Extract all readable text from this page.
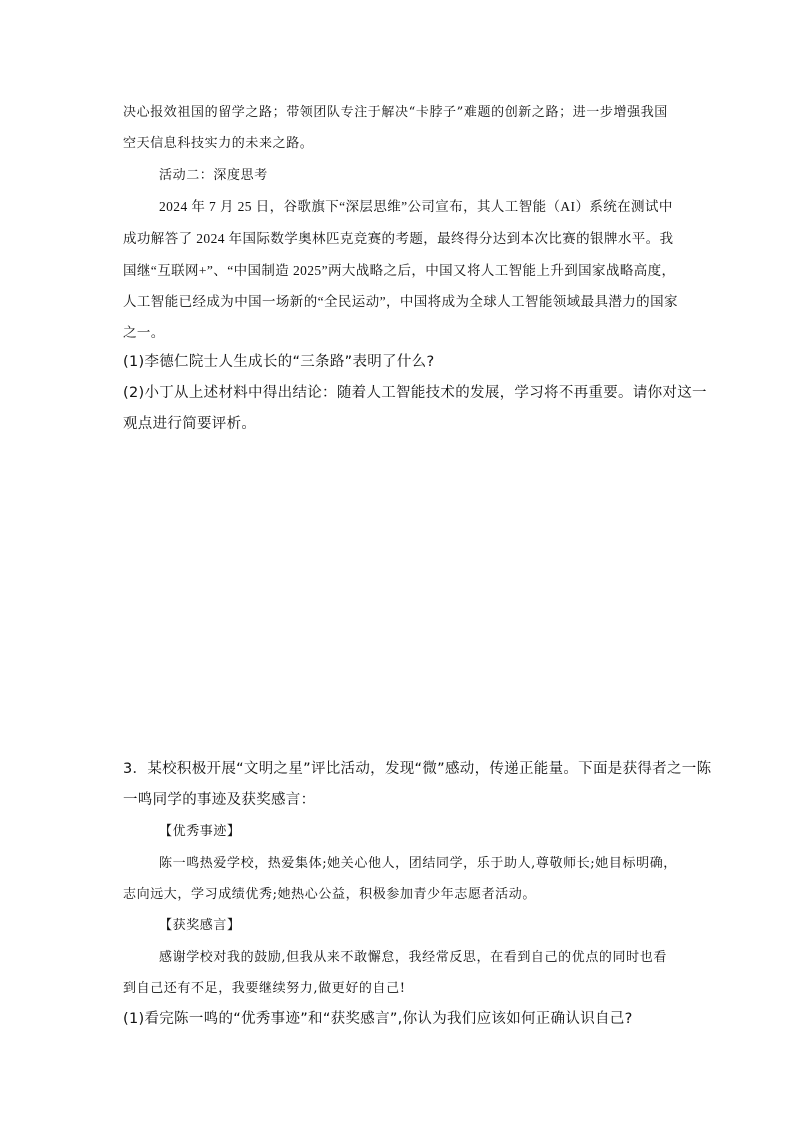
决心报效祖国的留学之路；带领团队专注于解决“卡脖子”难题的创新之路；进一步增强我国
空天信息科技实力的未来之路。
活动二：深度思考
2024 年 7 月 25 日，谷歌旗下“深层思维”公司宣布，其人工智能（AI）系统在测试中
成功解答了 2024 年国际数学奥林匹克竞赛的考题，最终得分达到本次比赛的银牌水平。我
国继“互联网+”、“中国制造 2025”两大战略之后，中国又将人工智能上升到国家战略高度，
人工智能已经成为中国一场新的“全民运动”，中国将成为全球人工智能领域最具潜力的国家
之一。
(1)李德仁院士人生成长的“三条路”表明了什么?
(2)小丁从上述材料中得出结论：随着人工智能技术的发展，学习将不再重要。请你对这一
观点进行简要评析。
3．某校积极开展“文明之星”评比活动，发现“微”感动，传递正能量。下面是获得者之一陈
一鸣同学的事迹及获奖感言：
【优秀事迹】
陈一鸣热爱学校，热爱集体;她关心他人，团结同学，乐于助人,尊敬师长;她目标明确，
志向远大，学习成绩优秀;她热心公益，积极参加青少年志愿者活动。
【获奖感言】
感谢学校对我的鼓励,但我从来不敢懈怠，我经常反思，在看到自己的优点的同时也看
到自己还有不足，我要继续努力,做更好的自己!
(1)看完陈一鸣的“优秀事迹”和“获奖感言”,你认为我们应该如何正确认识自己?
